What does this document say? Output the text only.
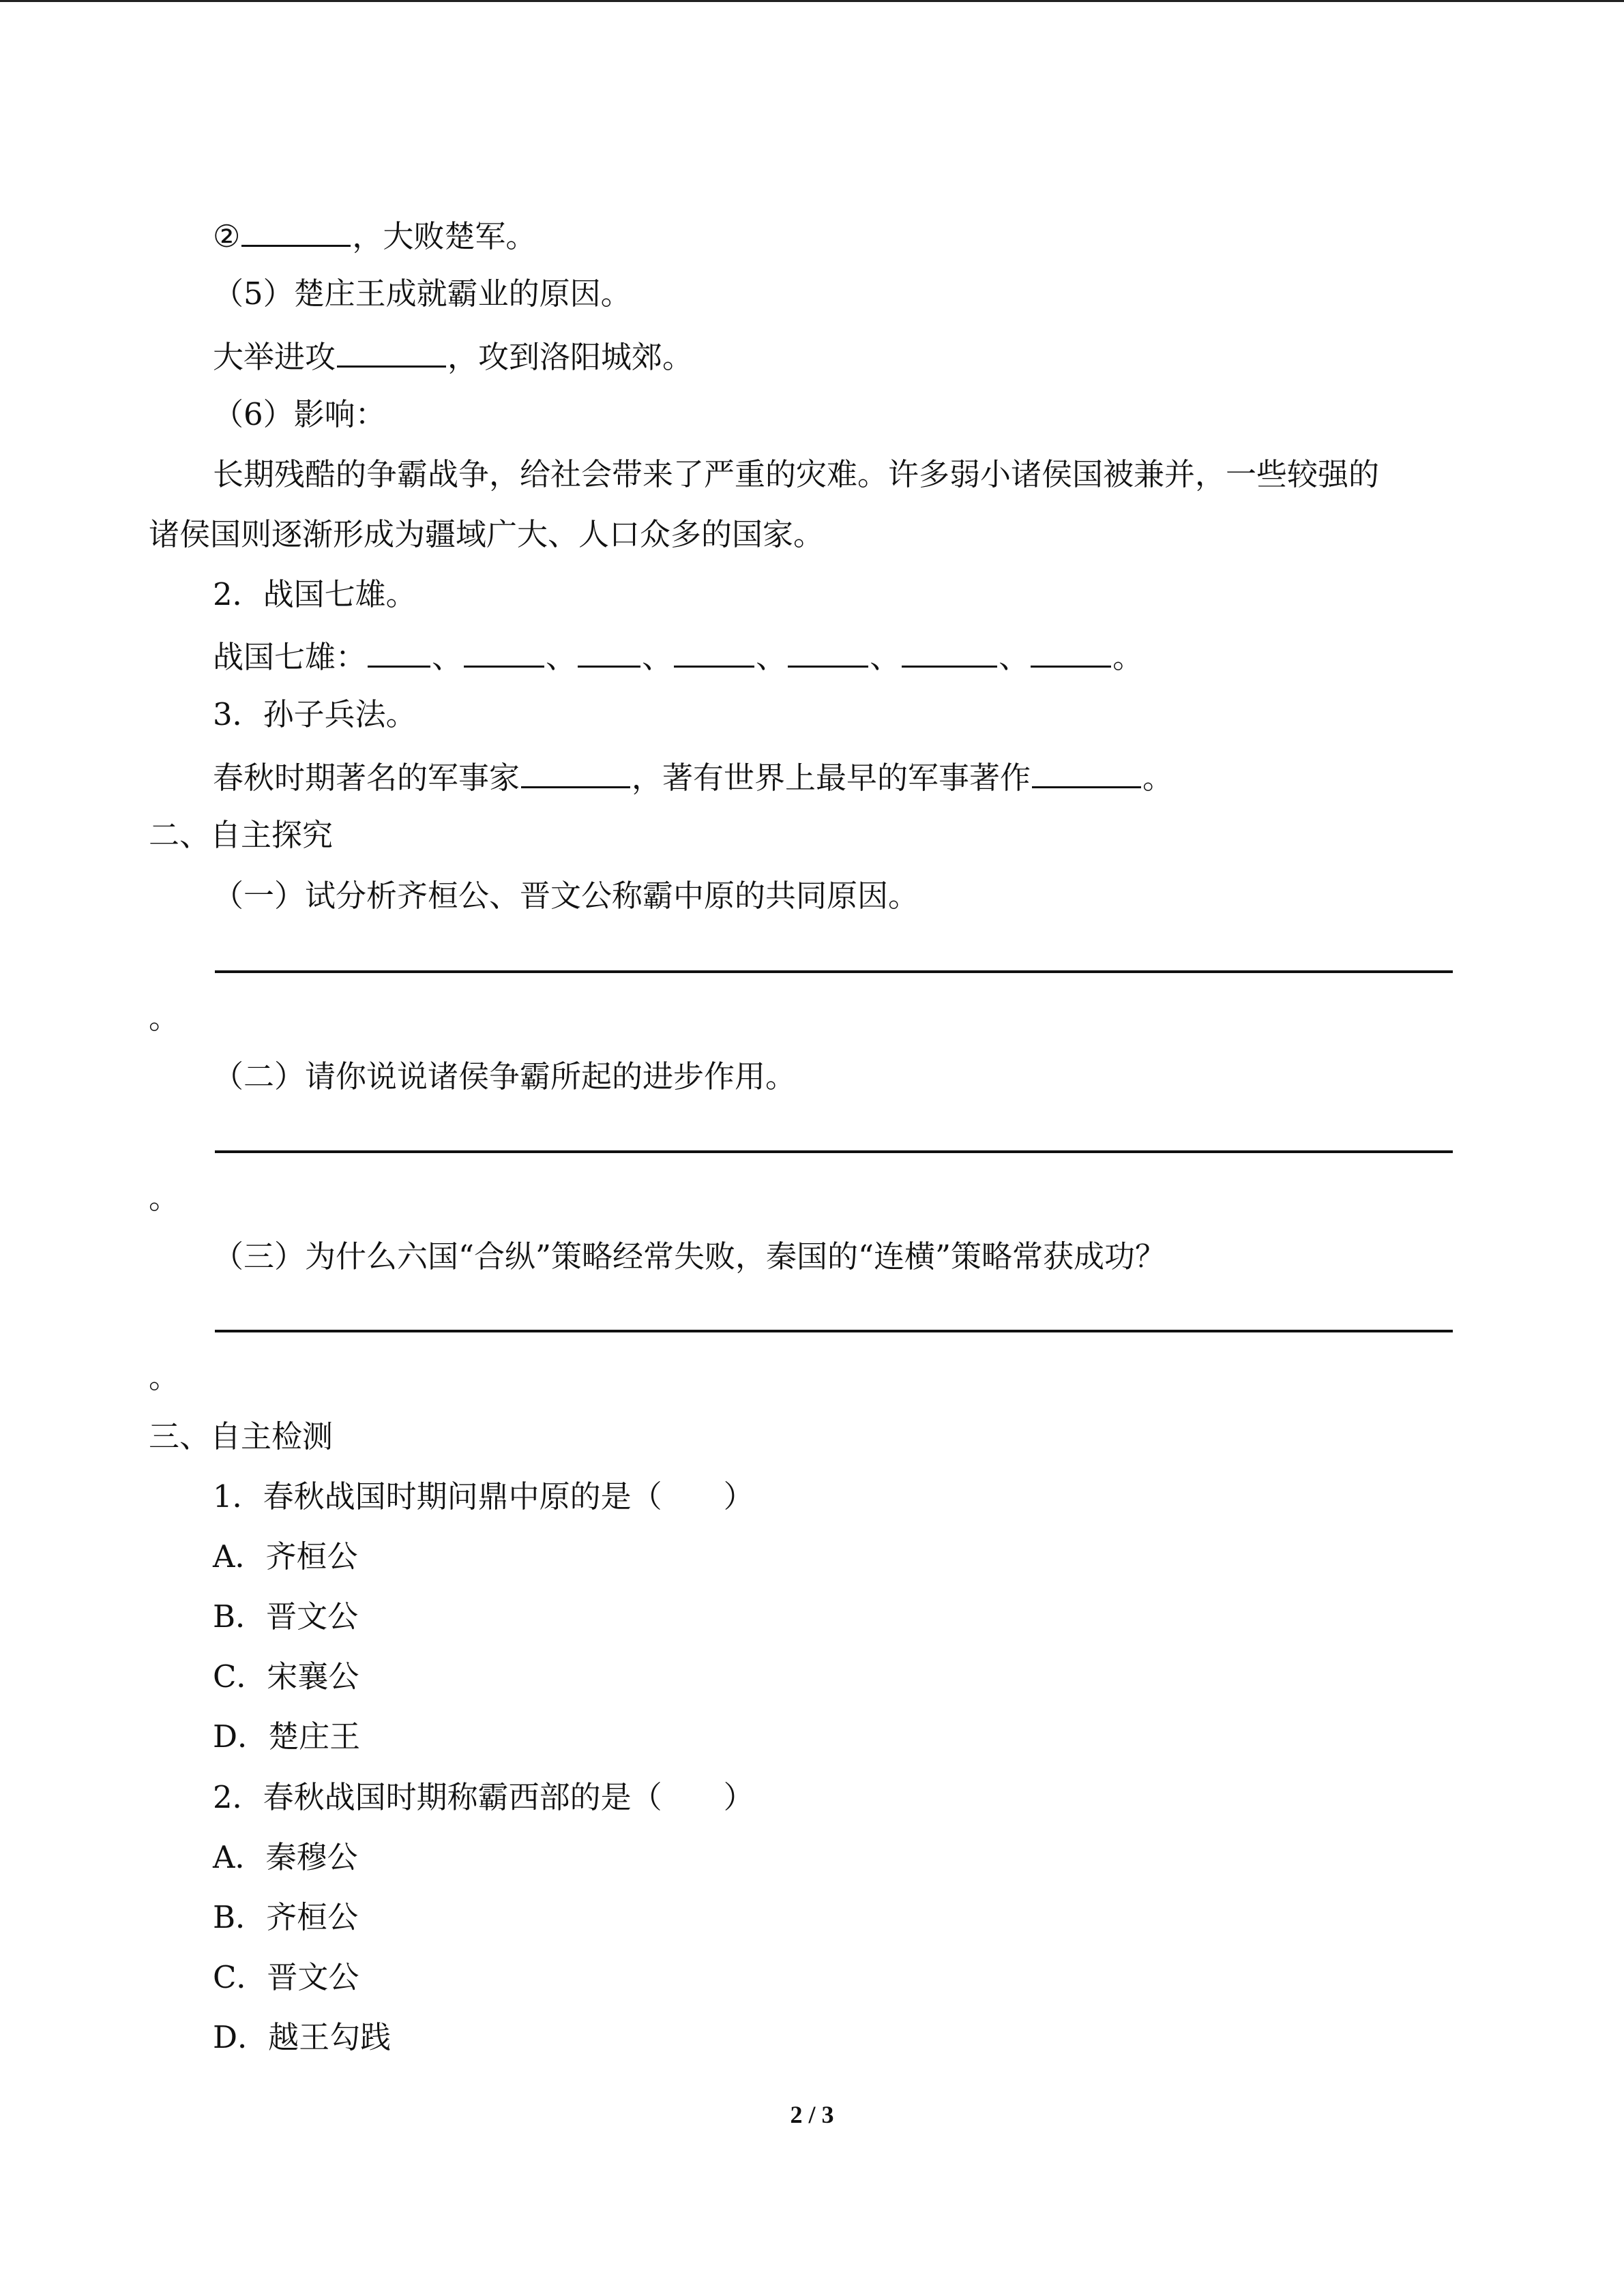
②	，大败楚军。
（5）楚庄王成就霸业的原因。
大举进攻	，攻到洛阳城郊。
（6）影响：
长期残酷的争霸战争，给社会带来了严重的灾难。许多弱小诸侯国被兼并，一些较强的
诸侯国则逐渐形成为疆域广大、人口众多的国家。
2．战国七雄。
战国七雄： 、	、 、	、	、	、	。
3．孙子兵法。
春秋时期著名的军事家	，著有世界上最早的军事著作	。
二、自主探究
（一）试分析齐桓公、晋文公称霸中原的共同原因。
。
（二）请你说说诸侯争霸所起的进步作用。
。
（三）为什么六国“合纵”策略经常失败，秦国的“连横”策略常获成功？
。
三、自主检测
1．春秋战国时期问鼎中原的是（ ）
A．齐桓公
B．晋文公
C．宋襄公
D．楚庄王
2．春秋战国时期称霸西部的是（ ）
A．秦穆公
B．齐桓公
C．晋文公
D．越王勾践
2 / 3
